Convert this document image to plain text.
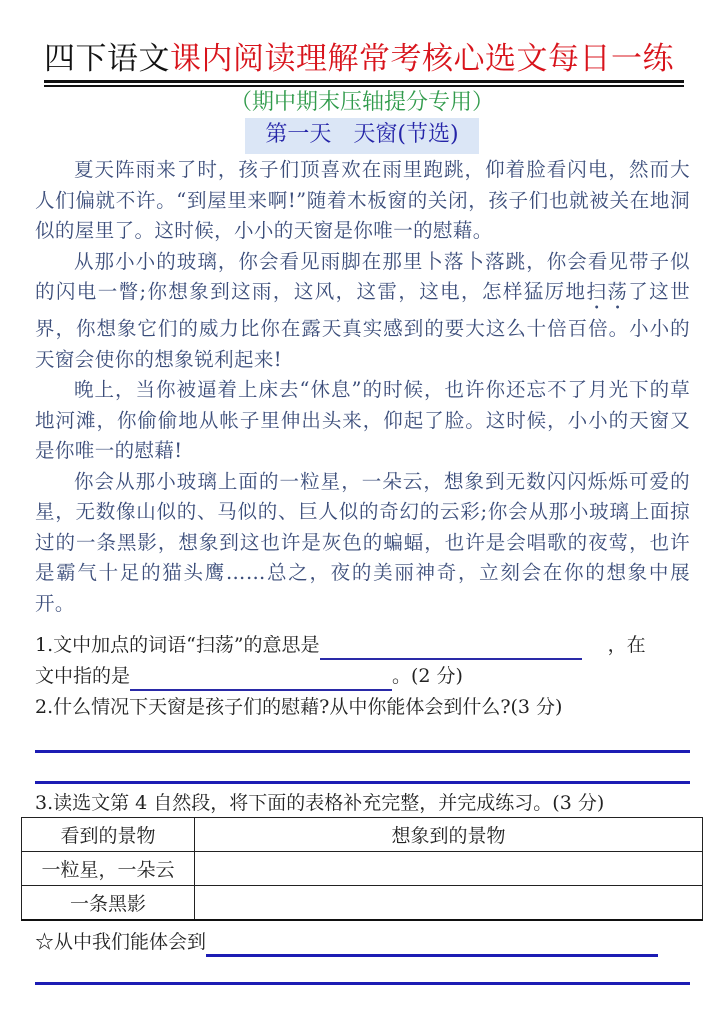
四下语文课内阅读理解常考核心选文每日一练
（期中期末压轴提分专用）
第一天　天窗(节选)

夏天阵雨来了时，孩子们顶喜欢在雨里跑跳，仰着脸看闪电，然而大人们偏就不许。“到屋里来啊!”随着木板窗的关闭，孩子们也就被关在地洞似的屋里了。这时候，小小的天窗是你唯一的慰藉。

从那小小的玻璃，你会看见雨脚在那里卜落卜落跳，你会看见带子似的闪电一瞥;你想象到这雨，这风，这雷，这电，怎样猛厉地扫荡了这世界，你想象它们的威力比你在露天真实感到的要大这么十倍百倍。小小的天窗会使你的想象锐利起来!

晚上，当你被逼着上床去“休息”的时候，也许你还忘不了月光下的草地河滩，你偷偷地从帐子里伸出头来，仰起了脸。这时候，小小的天窗又是你唯一的慰藉!

你会从那小玻璃上面的一粒星，一朵云，想象到无数闪闪烁烁可爱的星，无数像山似的、马似的、巨人似的奇幻的云彩;你会从那小玻璃上面掠过的一条黑影，想象到这也许是灰色的蝙蝠，也许是会唱歌的夜莺，也许是霸气十足的猫头鹰……总之，夜的美丽神奇，立刻会在你的想象中展开。

1.文中加点的词语“扫荡”的意思是	，在
文中指的是	。(2 分)
2.什么情况下天窗是孩子们的慰藉?从中你能体会到什么?(3 分)
3.读选文第 4 自然段，将下面的表格补充完整，并完成练习。(3 分)
看到的景物	想象到的景物
一粒星，一朵云	
一条黑影	
☆从中我们能体会到
